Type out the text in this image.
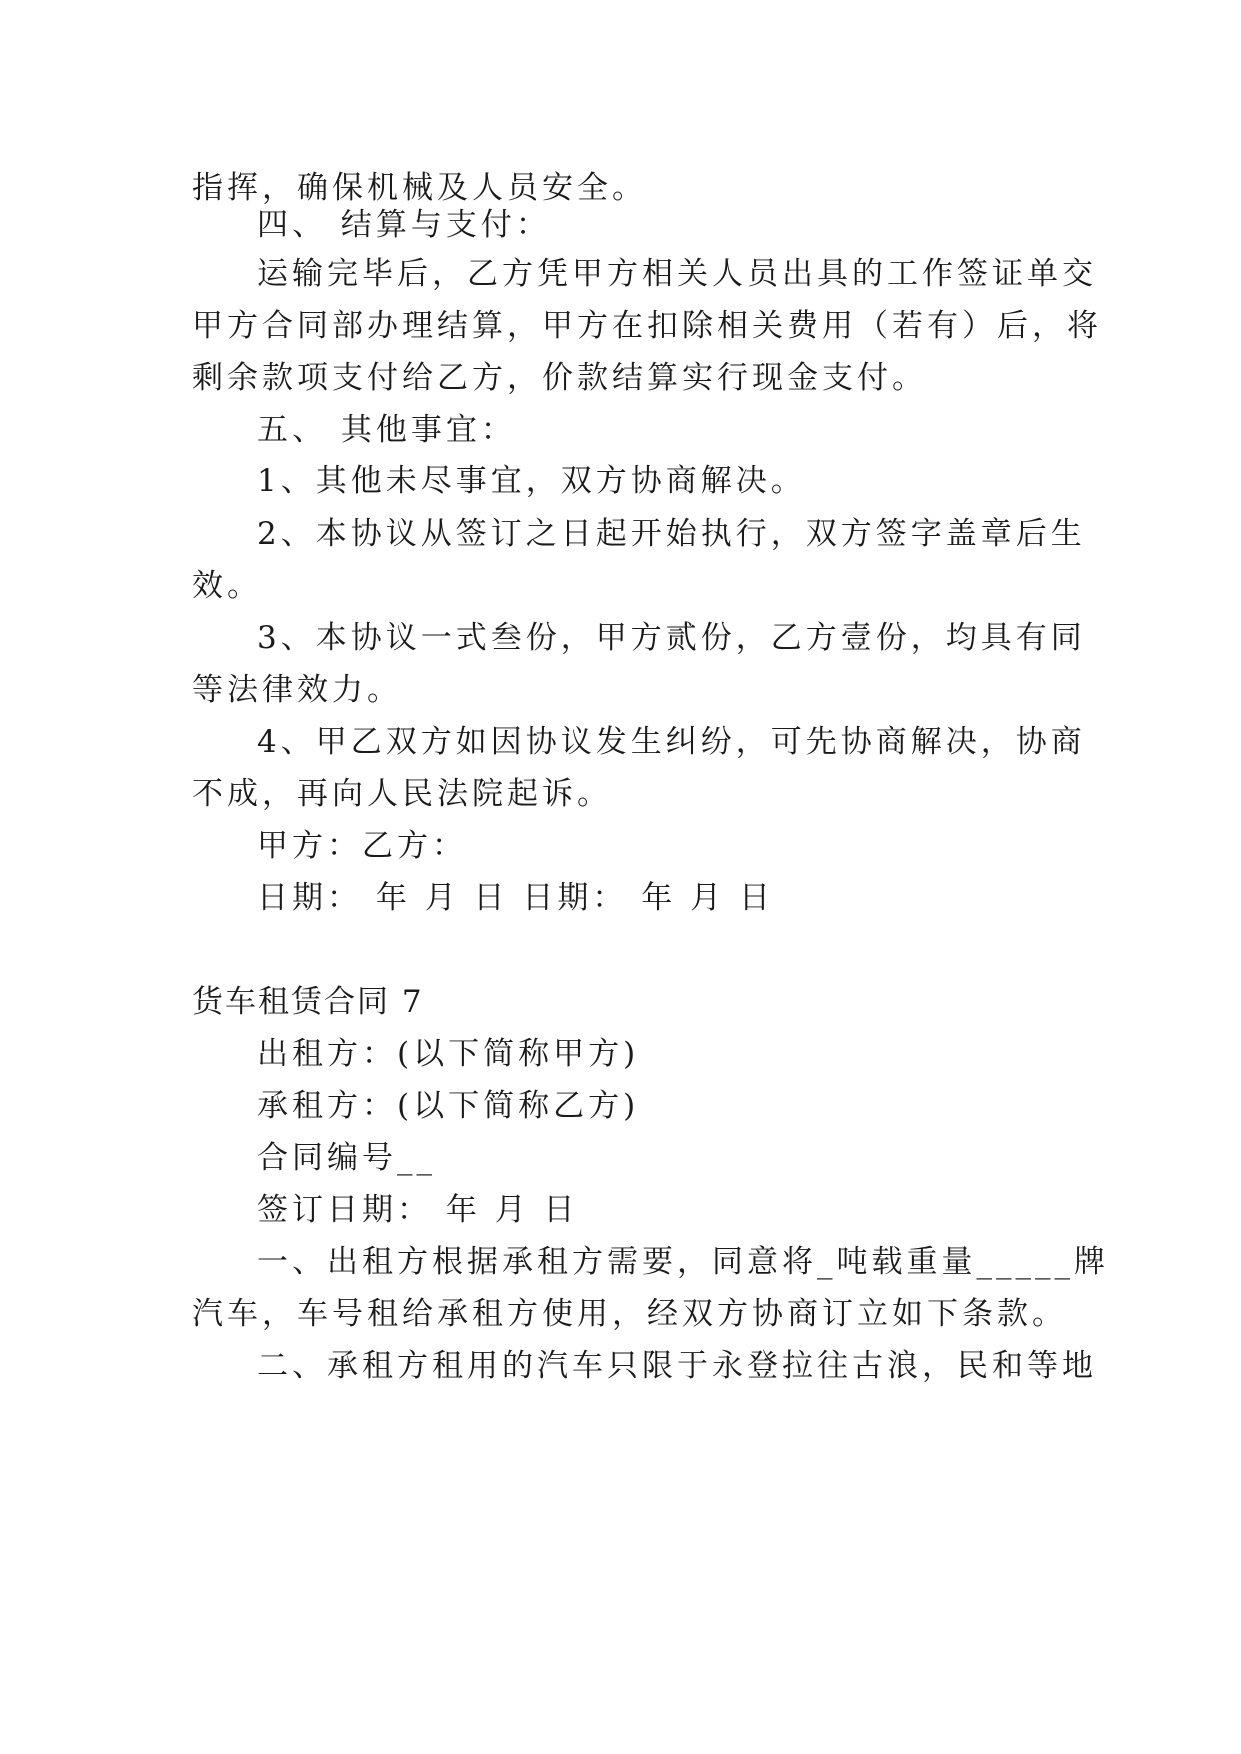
指挥，确保机械及人员安全。
四、 结算与支付：
运输完毕后，乙方凭甲方相关人员出具的工作签证单交
甲方合同部办理结算，甲方在扣除相关费用（若有）后，将
剩余款项支付给乙方，价款结算实行现金支付。
五、 其他事宜：
1、其他未尽事宜，双方协商解决。
2、本协议从签订之日起开始执行，双方签字盖章后生
效。
3、本协议一式叁份，甲方贰份，乙方壹份，均具有同
等法律效力。
4、甲乙双方如因协议发生纠纷，可先协商解决，协商
不成，再向人民法院起诉。
甲方：乙方：
日期： 年 月 日 日期： 年 月 日
货车租赁合同 7
出租方：(以下简称甲方)
承租方：(以下简称乙方)
合同编号__
签订日期： 年 月 日
一、出租方根据承租方需要，同意将_吨载重量_____牌
汽车，车号租给承租方使用，经双方协商订立如下条款。
二、承租方租用的汽车只限于永登拉往古浪，民和等地
